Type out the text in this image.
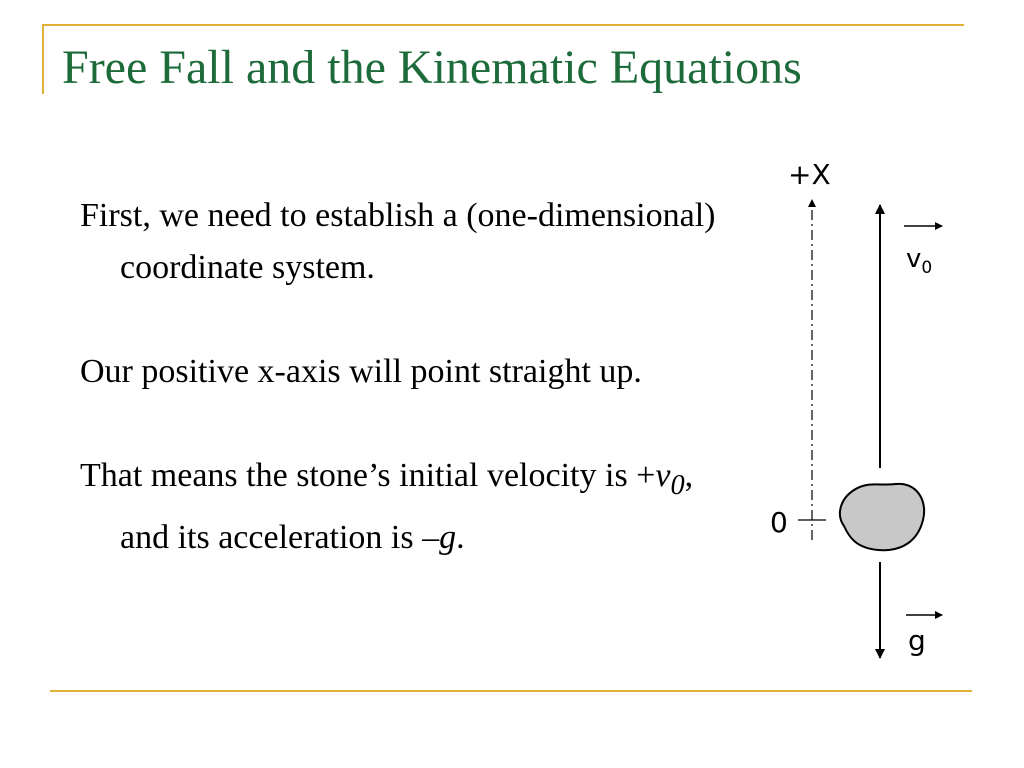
Free Fall and the Kinematic Equations
First, we need to establish a (one-dimensional) coordinate system.
Our positive x-axis will point straight up.
That means the stone’s initial velocity is $+v_0$, and its acceleration is –g.
+X
0
$v_0$
g
